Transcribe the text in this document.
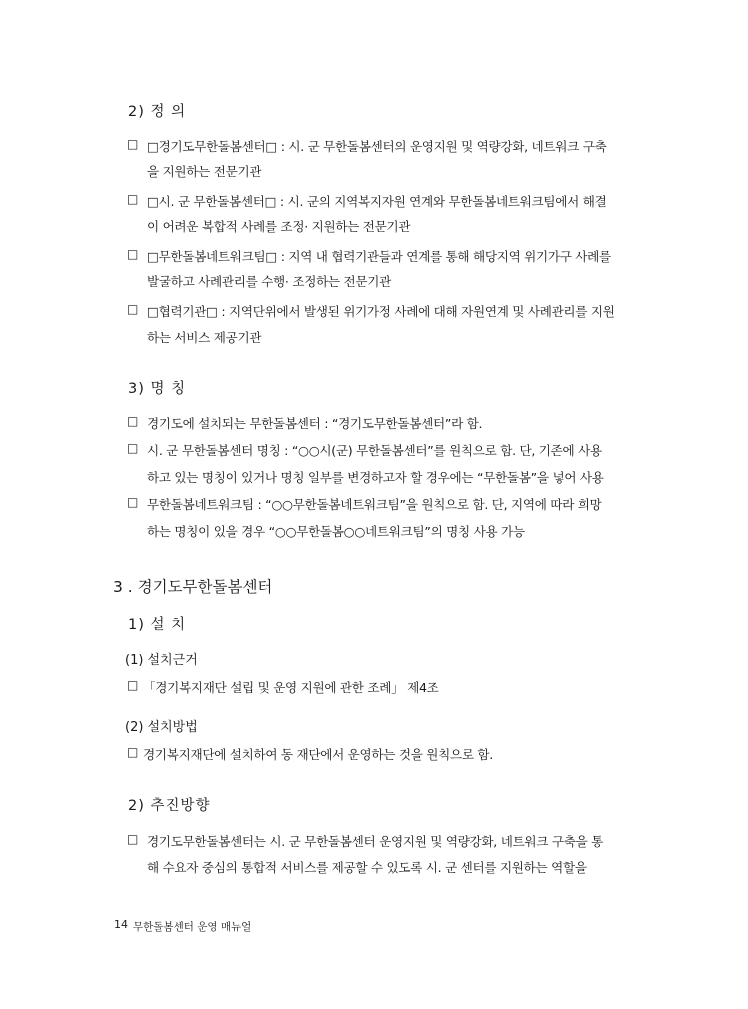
2) 정 의
□ □경기도무한돌봄센터□ : 시. 군 무한돌봄센터의 운영지원 및 역량강화, 네트워크 구축
을 지원하는 전문기관
□ □시. 군 무한돌봄센터□ : 시. 군의 지역복지자원 연계와 무한돌봄네트워크팀에서 해결
이 어려운 복합적 사례를 조정· 지원하는 전문기관
□ □무한돌봄네트워크팀□ : 지역 내 협력기관들과 연계를 통해 해당지역 위기가구 사례를
발굴하고 사례관리를 수행· 조정하는 전문기관
□ □협력기관□ : 지역단위에서 발생된 위기가정 사례에 대해 자원연계 및 사례관리를 지원
하는 서비스 제공기관
3) 명 칭
□ 경기도에 설치되는 무한돌봄센터 : “경기도무한돌봄센터”라 함.
□ 시. 군 무한돌봄센터 명칭 : “○○시(군) 무한돌봄센터”를 원칙으로 함. 단, 기존에 사용
하고 있는 명칭이 있거나 명칭 일부를 변경하고자 할 경우에는 “무한돌봄”을 넣어 사용
□ 무한돌봄네트워크팀 : “○○무한돌봄네트워크팀”을 원칙으로 함. 단, 지역에 따라 희망
하는 명칭이 있을 경우 “○○무한돌봄○○네트워크팀”의 명칭 사용 가능
3 . 경기도무한돌봄센터
1) 설 치
(1) 설치근거
□ 「경기복지재단 설립 및 운영 지원에 관한 조례」 제4조
(2) 설치방법
□ 경기복지재단에 설치하여 동 재단에서 운영하는 것을 원칙으로 함.
2) 추진방향
□ 경기도무한돌봄센터는 시. 군 무한돌봄센터 운영지원 및 역량강화, 네트워크 구축을 통
해 수요자 중심의 통합적 서비스를 제공할 수 있도록 시. 군 센터를 지원하는 역할을
14 무한돌봄센터 운영 매뉴얼
